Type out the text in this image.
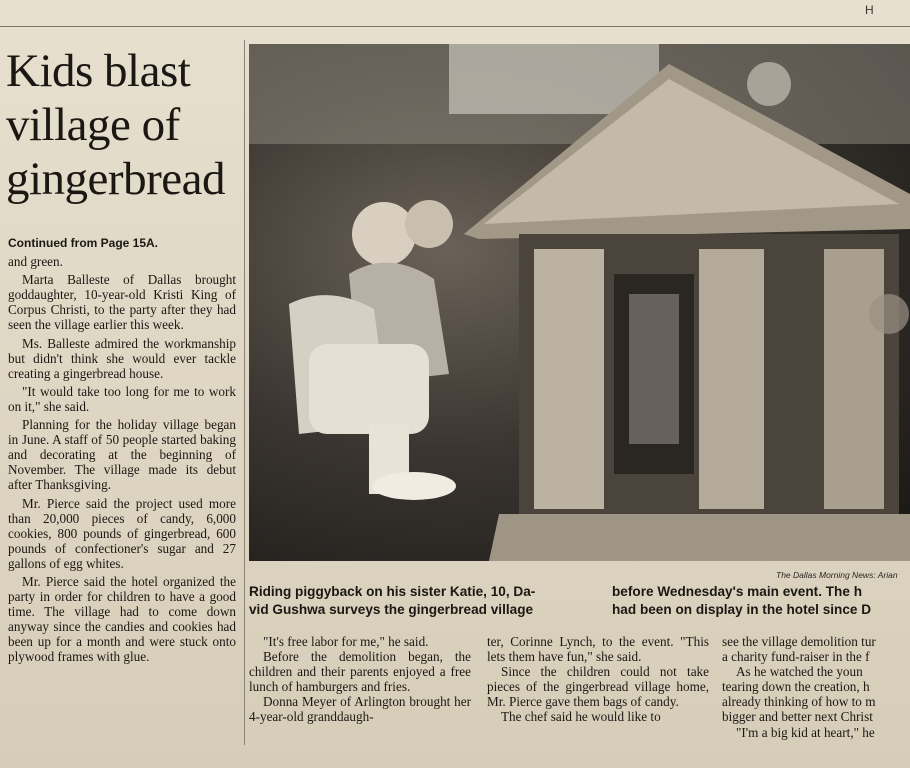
H
Kids blast
village of
gingerbread

Continued from Page 15A.

and green.

Marta Balleste of Dallas brought goddaughter, 10-year-old Kristi King of Corpus Christi, to the party after they had seen the village earlier this week.

Ms. Balleste admired the workmanship but didn't think she would ever tackle creating a gingerbread house.

"It would take too long for me to work on it," she said.

Planning for the holiday village began in June. A staff of 50 people started baking and decorating at the beginning of November. The village made its debut after Thanksgiving.

Mr. Pierce said the project used more than 20,000 pieces of candy, 6,000 cookies, 800 pounds of gingerbread, 600 pounds of confectioner's sugar and 27 gallons of egg whites.

Mr. Pierce said the hotel organized the party in order for children to have a good time. The village had to come down anyway since the candies and cookies had been up for a month and were stuck onto plywood frames with glue.

The Dallas Morning News: Arian
Riding piggyback on his sister Katie, 10, Da-
vid Gushwa surveys the gingerbread village
before Wednesday's main event. The h
had been on display in the hotel since D

"It's free labor for me," he said.

Before the demolition began, the children and their parents enjoyed a free lunch of hamburgers and fries.

Donna Meyer of Arlington brought her 4-year-old granddaugh-

ter, Corinne Lynch, to the event. "This lets them have fun," she said.

Since the children could not take pieces of the gingerbread village home, Mr. Pierce gave them bags of candy.

The chef said he would like to

see the village demolition tur

a charity fund-raiser in the f

As he watched the youn

tearing down the creation, h

already thinking of how to m

bigger and better next Christ

"I'm a big kid at heart," he
